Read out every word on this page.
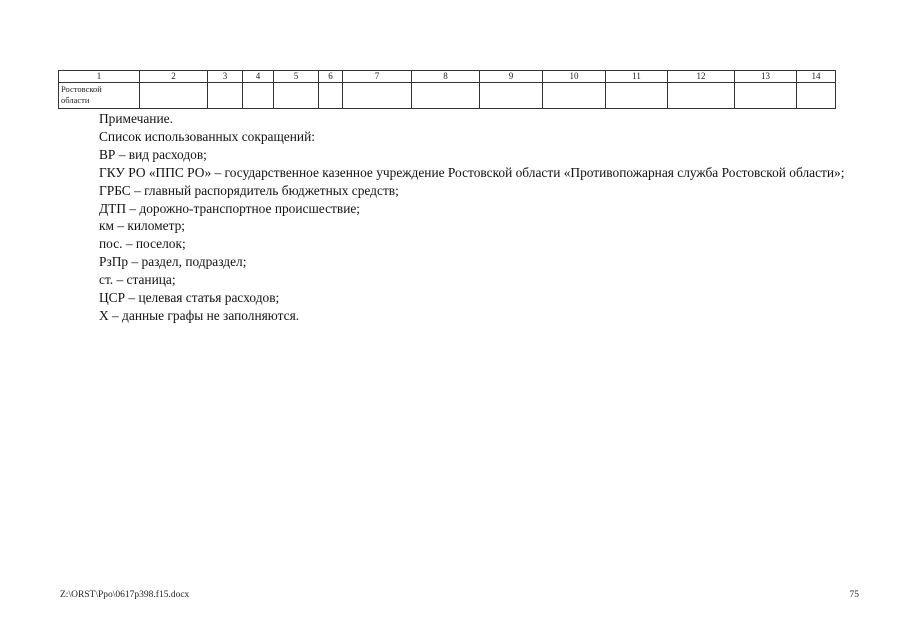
1	2	3	4	5	6	7	8	9	10	11	12	13	14
Ростовской
области													

Примечание.

Список использованных сокращений:

ВР – вид расходов;

ГКУ РО «ППС РО» – государственное казенное учреждение Ростовской области «Противопожарная служба Ростовской области»;

ГРБС – главный распорядитель бюджетных средств;

ДТП – дорожно-транспортное происшествие;

км – километр;

пос. – поселок;

РзПр – раздел, подраздел;

ст. – станица;

ЦСР – целевая статья расходов;

Х – данные графы не заполняются.

Z:\ORST\Ppo\0617p398.f15.docx	75
